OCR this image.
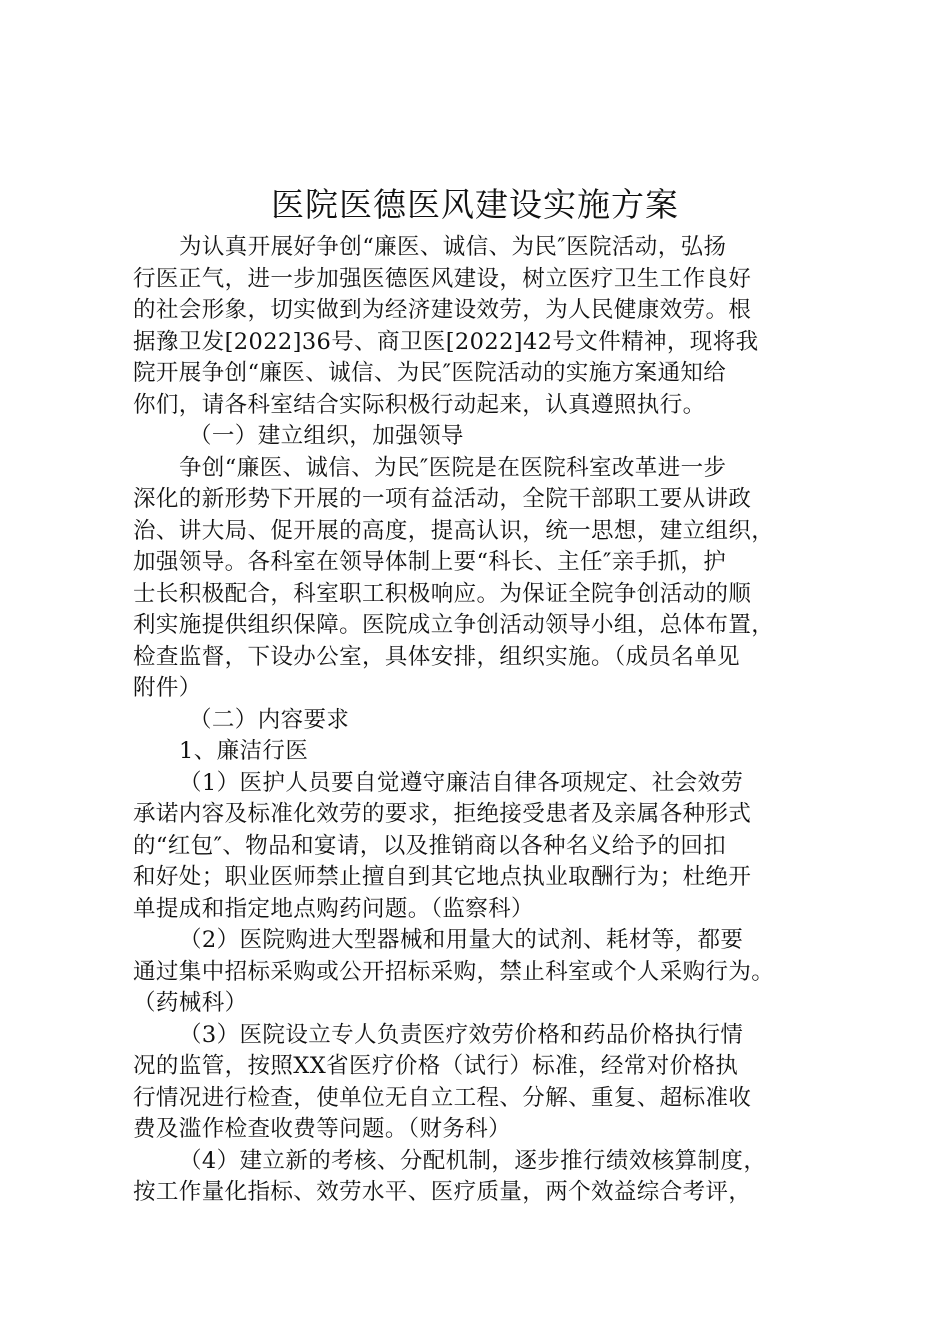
医院医德医风建设实施方案
为认真开展好争创“廉医、诚信、为民″医院活动，弘扬
行医正气，进一步加强医德医风建设，树立医疗卫生工作良好
的社会形象，切实做到为经济建设效劳，为人民健康效劳。根
据豫卫发[2022]36号、商卫医[2022]42号文件精神，现将我
院开展争创“廉医、诚信、为民″医院活动的实施方案通知给
你们，请各科室结合实际积极行动起来，认真遵照执行。
（一）建立组织，加强领导
争创“廉医、诚信、为民″医院是在医院科室改革进一步
深化的新形势下开展的一项有益活动，全院干部职工要从讲政
治、讲大局、促开展的高度，提高认识，统一思想，建立组织，
加强领导。各科室在领导体制上要“科长、主任″亲手抓，护
士长积极配合，科室职工积极响应。为保证全院争创活动的顺
利实施提供组织保障。医院成立争创活动领导小组，总体布置，
检查监督，下设办公室，具体安排，组织实施。（成员名单见
附件）
（二）内容要求
1、廉洁行医
（1）医护人员要自觉遵守廉洁自律各项规定、社会效劳
承诺内容及标准化效劳的要求，拒绝接受患者及亲属各种形式
的“红包″、物品和宴请，以及推销商以各种名义给予的回扣
和好处；职业医师禁止擅自到其它地点执业取酬行为；杜绝开
单提成和指定地点购药问题。（监察科）
（2）医院购进大型器械和用量大的试剂、耗材等，都要
通过集中招标采购或公开招标采购，禁止科室或个人采购行为。
（药械科）
（3）医院设立专人负责医疗效劳价格和药品价格执行情
况的监管，按照XX省医疗价格（试行）标准，经常对价格执
行情况进行检查，使单位无自立工程、分解、重复、超标准收
费及滥作检查收费等问题。（财务科）
（4）建立新的考核、分配机制，逐步推行绩效核算制度，
按工作量化指标、效劳水平、医疗质量，两个效益综合考评，
